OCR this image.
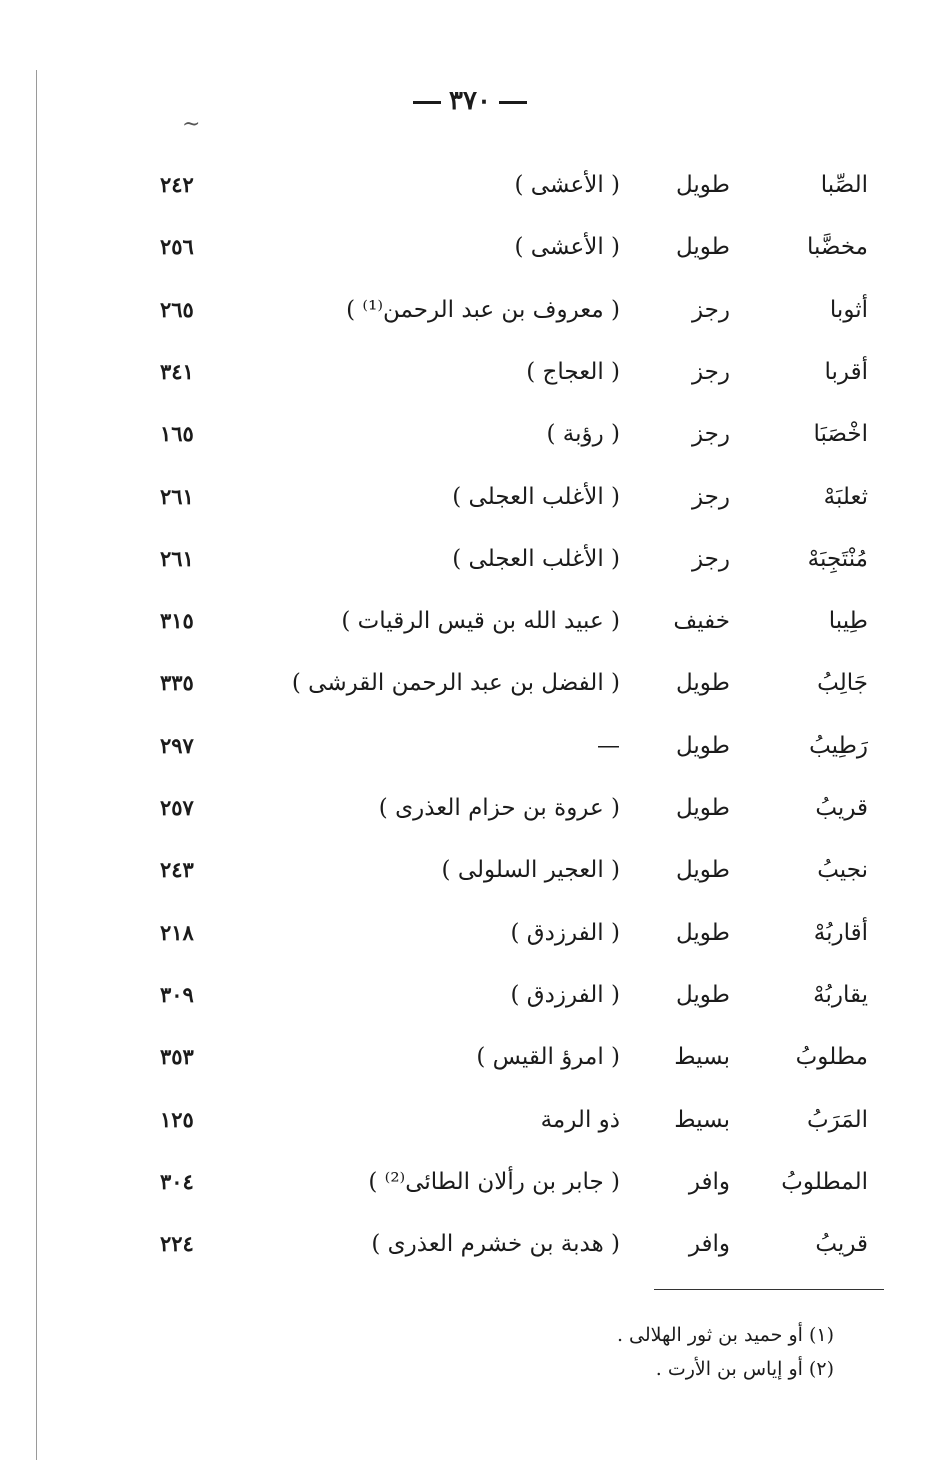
٣٧٠
~
الصِّبا
طويل
( الأعشى )
٢٤٢
مخضَّبا
طويل
( الأعشى )
٢٥٦
أثوبا
رجز
( معروف بن عبد الرحمن⁽¹⁾ )
٢٦٥
أقربا
رجز
( العجاج )
٣٤١
اخْصَبَا
رجز
( رؤبة )
١٦٥
ثعلبَهْ
رجز
( الأغلب العجلى )
٢٦١
مُنْتَجِبَهْ
رجز
( الأغلب العجلى )
٢٦١
طِيبا
خفيف
( عبيد الله بن قيس الرقيات )
٣١٥
جَالِبُ
طويل
( الفضل بن عبد الرحمن القرشى )
٣٣٥
رَطِيبُ
طويل
—
٢٩٧
قريبُ
طويل
( عروة بن حزام العذرى )
٢٥٧
نجيبُ
طويل
( العجير السلولى )
٢٤٣
أقاربُهْ
طويل
( الفرزدق )
٢١٨
يقاربُهْ
طويل
( الفرزدق )
٣٠٩
مطلوبُ
بسيط
( امرؤ القيس )
٣٥٣
المَرَبُ
بسيط
ذو الرمة
١٢٥
المطلوبُ
وافر
( جابر بن رألان الطائى⁽²⁾ )
٣٠٤
قريبُ
وافر
( هدبة بن خشرم العذرى )
٢٢٤
(١) أو حميد بن ثور الهلالى .
(٢) أو إياس بن الأرت .
